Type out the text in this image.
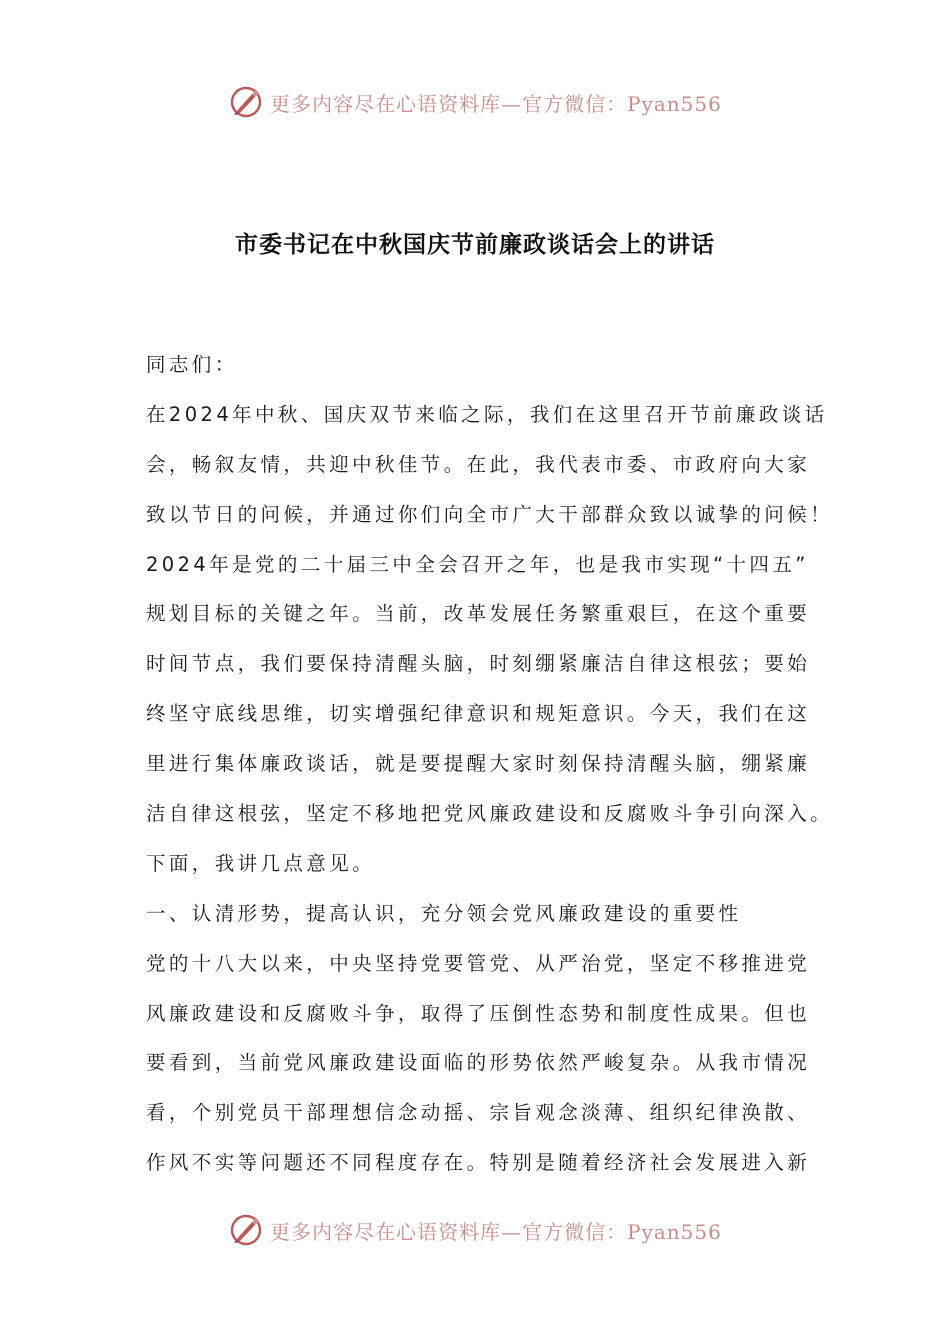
更多内容尽在心语资料库—官方微信：Pyan556
市委书记在中秋国庆节前廉政谈话会上的讲话
同志们：
在2024年中秋、国庆双节来临之际，我们在这里召开节前廉政谈话
会，畅叙友情，共迎中秋佳节。在此，我代表市委、市政府向大家
致以节日的问候，并通过你们向全市广大干部群众致以诚挚的问候！
2024年是党的二十届三中全会召开之年，也是我市实现“十四五”
规划目标的关键之年。当前，改革发展任务繁重艰巨，在这个重要
时间节点，我们要保持清醒头脑，时刻绷紧廉洁自律这根弦；要始
终坚守底线思维，切实增强纪律意识和规矩意识。今天，我们在这
里进行集体廉政谈话，就是要提醒大家时刻保持清醒头脑，绷紧廉
洁自律这根弦，坚定不移地把党风廉政建设和反腐败斗争引向深入。
下面，我讲几点意见。
一、认清形势，提高认识，充分领会党风廉政建设的重要性
党的十八大以来，中央坚持党要管党、从严治党，坚定不移推进党
风廉政建设和反腐败斗争，取得了压倒性态势和制度性成果。但也
要看到，当前党风廉政建设面临的形势依然严峻复杂。从我市情况
看，个别党员干部理想信念动摇、宗旨观念淡薄、组织纪律涣散、
作风不实等问题还不同程度存在。特别是随着经济社会发展进入新
更多内容尽在心语资料库—官方微信：Pyan556
